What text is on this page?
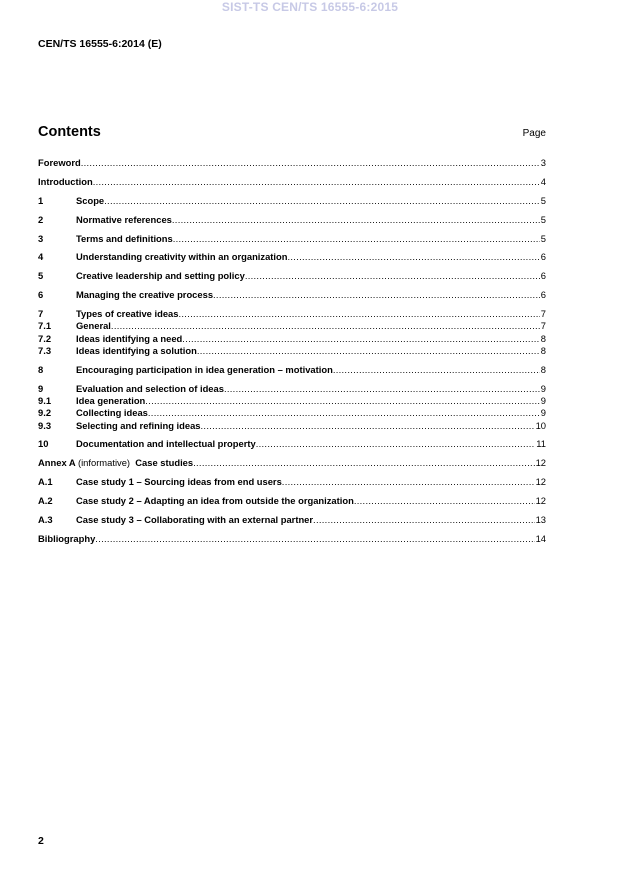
SIST-TS CEN/TS 16555-6:2015
CEN/TS 16555-6:2014 (E)
Contents	Page
Foreword .....	3
Introduction .....	4
1	Scope .....	5
2	Normative references .....	5
3	Terms and definitions .....	5
4	Understanding creativity within an organization .....	6
5	Creative leadership and setting policy .....	6
6	Managing the creative process .....	6
7	Types of creative ideas .....	7
7.1	General .....	7
7.2	Ideas identifying a need .....	8
7.3	Ideas identifying a solution .....	8
8	Encouraging participation in idea generation – motivation .....	8
9	Evaluation and selection of ideas .....	9
9.1	Idea generation .....	9
9.2	Collecting ideas .....	9
9.3	Selecting and refining ideas .....	10
10	Documentation and intellectual property .....	11
Annex A (informative) Case studies .....	12
A.1	Case study 1 – Sourcing ideas from end users .....	12
A.2	Case study 2 – Adapting an idea from outside the organization .....	12
A.3	Case study 3 – Collaborating with an external partner .....	13
Bibliography .....	14
2
